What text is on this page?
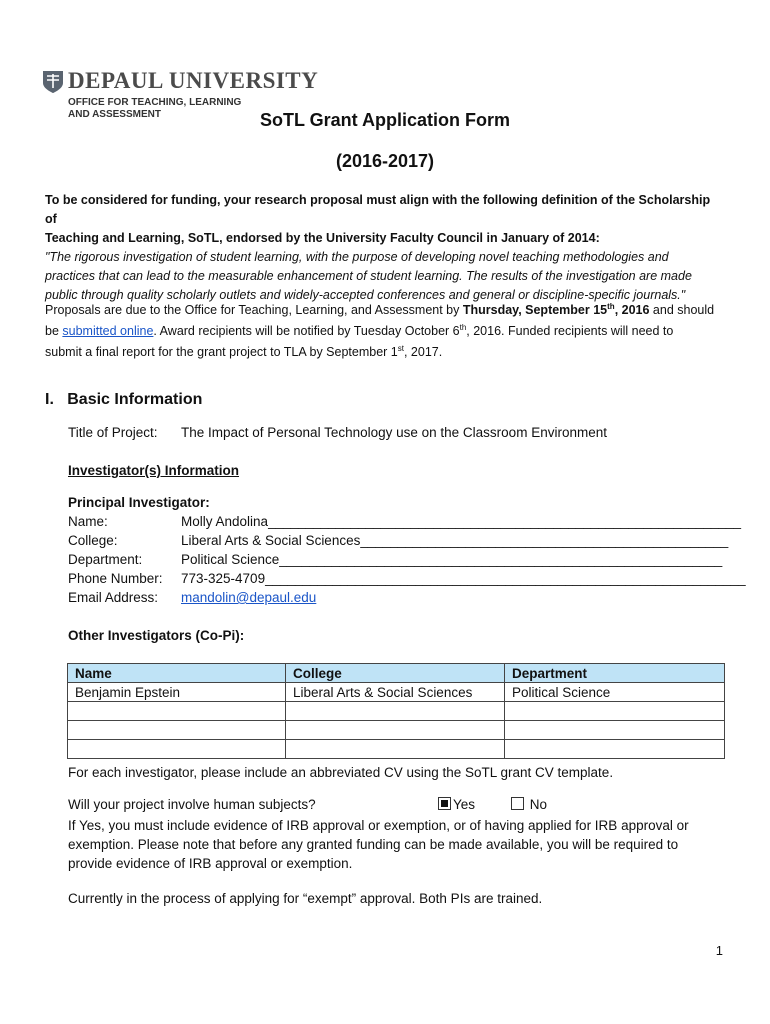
DEPAUL UNIVERSITY
OFFICE FOR TEACHING, LEARNING
AND ASSESSMENT	SoTL Grant Application Form
(2016-2017)
To be considered for funding, your research proposal must align with the following definition of the Scholarship of
Teaching and Learning, SoTL, endorsed by the University Faculty Council in January of 2014:
"The rigorous investigation of student learning, with the purpose of developing novel teaching methodologies and
practices that can lead to the measurable enhancement of student learning. The results of the investigation are made
public through quality scholarly outlets and widely-accepted conferences and general or discipline-specific journals."
Proposals are due to the Office for Teaching, Learning, and Assessment by Thursday, September 15th, 2016 and should
be submitted online. Award recipients will be notified by Tuesday October 6th, 2016. Funded recipients will need to
submit a final report for the grant project to TLA by September 1st, 2017.
I. Basic Information
Title of Project: The Impact of Personal Technology use on the Classroom Environment
Investigator(s) Information
Principal Investigator:
Name:	Molly Andolina_______________________________________________________________
College:	Liberal Arts & Social Sciences_________________________________________________
Department:	Political Science___________________________________________________________
Phone Number: 773-325-4709________________________________________________________________
Email Address: mandolin@depaul.edu
Other Investigators (Co-Pi):
Name	College	Department
Benjamin Epstein	Liberal Arts & Social Sciences	Political Science

For each investigator, please include an abbreviated CV using the SoTL grant CV template.
Will your project involve human subjects?	Yes	No
If Yes, you must include evidence of IRB approval or exemption, or of having applied for IRB approval or
exemption. Please note that before any granted funding can be made available, you will be required to
provide evidence of IRB approval or exemption.
Currently in the process of applying for “exempt” approval. Both PIs are trained.
1
